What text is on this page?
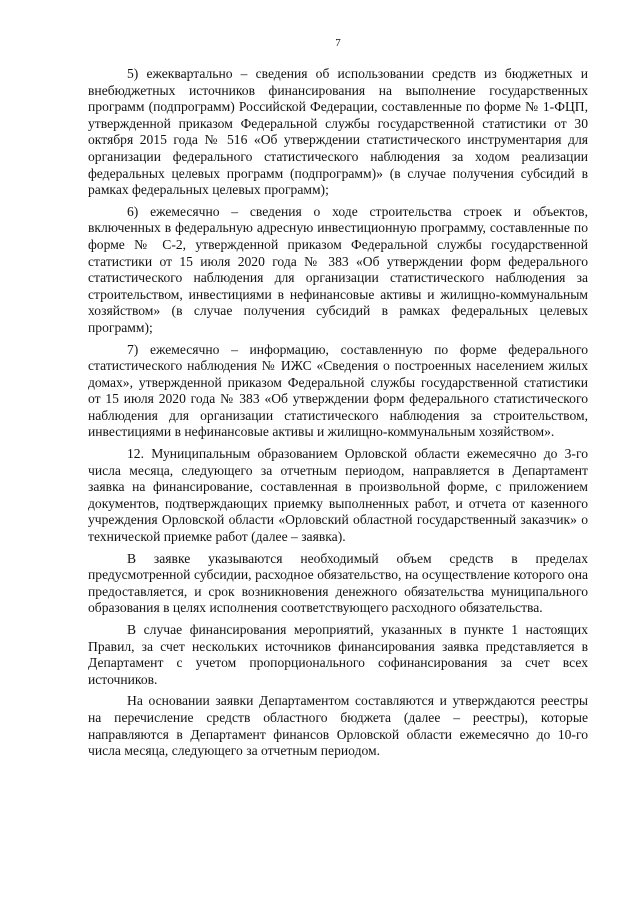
7

5) ежеквартально – сведения об использовании средств из бюджетных и внебюджетных источников финансирования на выполнение государственных программ (подпрограмм) Российской Федерации, составленные по форме № 1-ФЦП, утвержденной приказом Федеральной службы государственной статистики от 30 октября 2015 года № 516 «Об утверждении статистического инструментария для организации федерального статистического наблюдения за ходом реализации федеральных целевых программ (подпрограмм)» (в случае получения субсидий в рамках федеральных целевых программ);

6) ежемесячно – сведения о ходе строительства строек и объектов, включенных в федеральную адресную инвестиционную программу, составленные по форме № С-2, утвержденной приказом Федеральной службы государственной статистики от 15 июля 2020 года № 383 «Об утверждении форм федерального статистического наблюдения для организации статистического наблюдения за строительством, инвестициями в нефинансовые активы и жилищно-коммунальным хозяйством» (в случае получения субсидий в рамках федеральных целевых программ);

7) ежемесячно – информацию, составленную по форме федерального статистического наблюдения № ИЖС «Сведения о построенных населением жилых домах», утвержденной приказом Федеральной службы государственной статистики от 15 июля 2020 года № 383 «Об утверждении форм федерального статистического наблюдения для организации статистического наблюдения за строительством, инвестициями в нефинансовые активы и жилищно-коммунальным хозяйством».

12. Муниципальным образованием Орловской области ежемесячно до 3-го числа месяца, следующего за отчетным периодом, направляется в Департамент заявка на финансирование, составленная в произвольной форме, с приложением документов, подтверждающих приемку выполненных работ, и отчета от казенного учреждения Орловской области «Орловский областной государственный заказчик» о технической приемке работ (далее – заявка).

В заявке указываются необходимый объем средств в пределах предусмотренной субсидии, расходное обязательство, на осуществление которого она предоставляется, и срок возникновения денежного обязательства муниципального образования в целях исполнения соответствующего расходного обязательства.

В случае финансирования мероприятий, указанных в пункте 1 настоящих Правил, за счет нескольких источников финансирования заявка представляется в Департамент с учетом пропорционального софинансирования за счет всех источников.

На основании заявки Департаментом составляются и утверждаются реестры на перечисление средств областного бюджета (далее – реестры), которые направляются в Департамент финансов Орловской области ежемесячно до 10-го числа месяца, следующего за отчетным периодом.
